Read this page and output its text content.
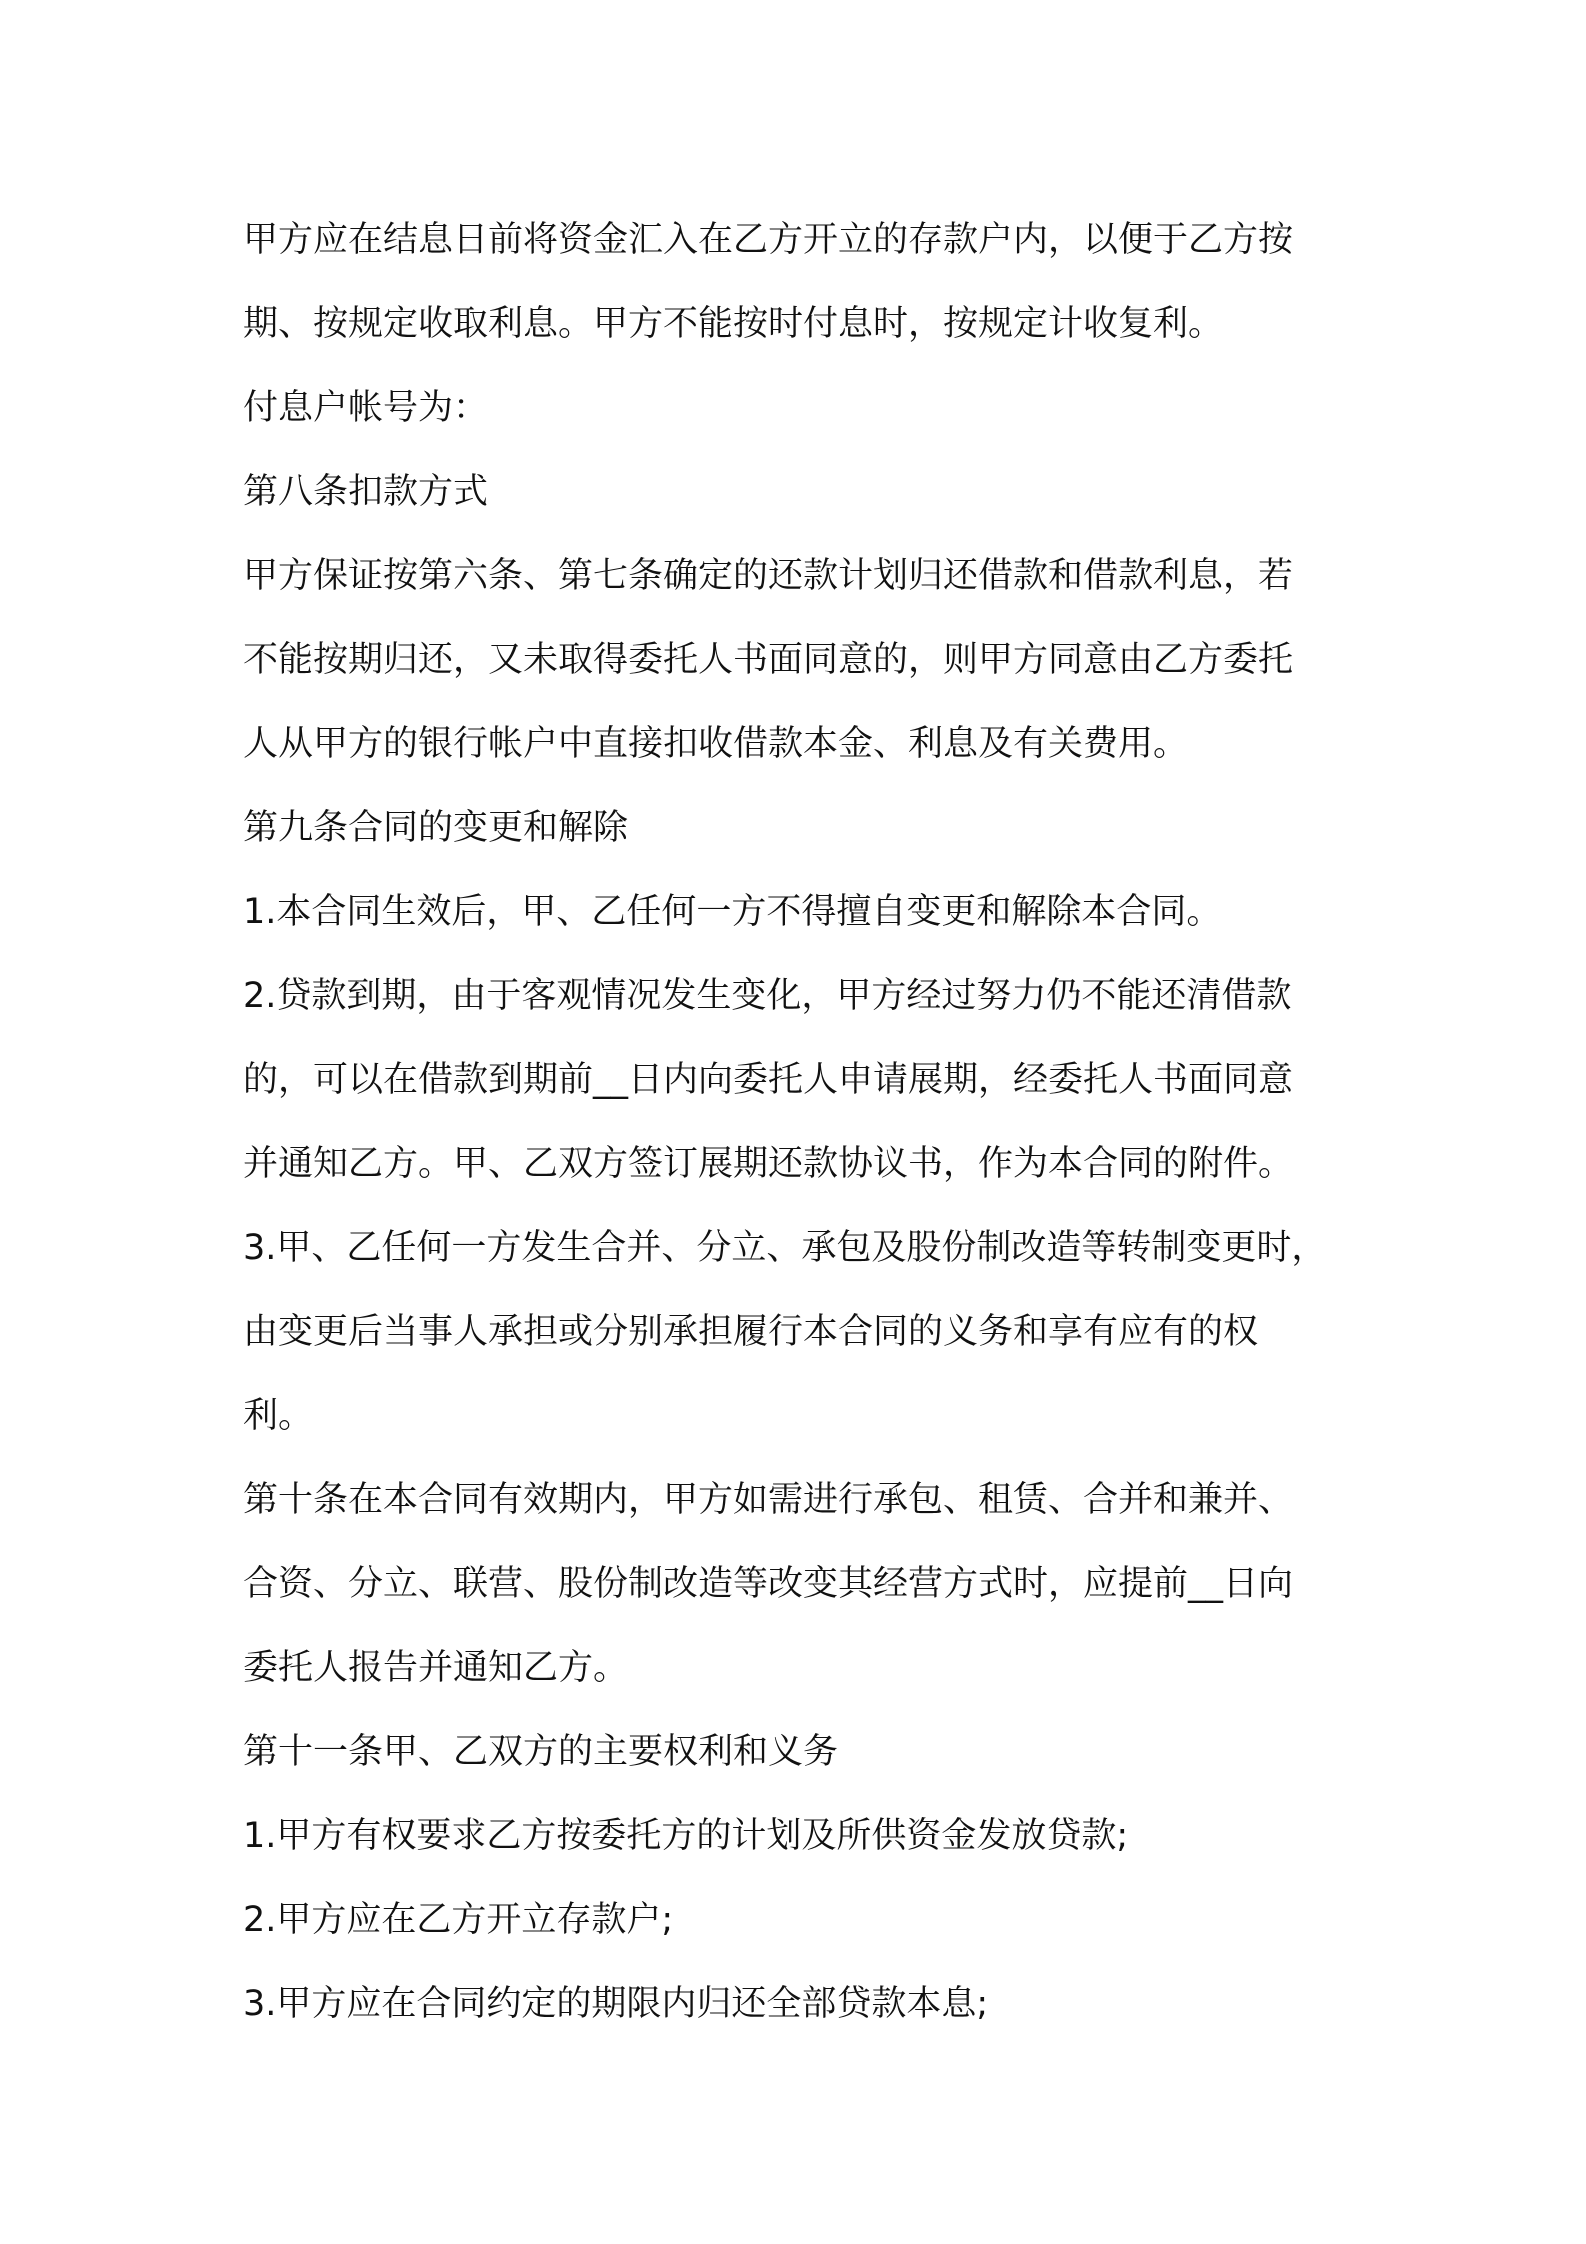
甲方应在结息日前将资金汇入在乙方开立的存款户内，以便于乙方按
期、按规定收取利息。甲方不能按时付息时，按规定计收复利。
付息户帐号为：
第八条扣款方式
甲方保证按第六条、第七条确定的还款计划归还借款和借款利息，若
不能按期归还，又未取得委托人书面同意的，则甲方同意由乙方委托
人从甲方的银行帐户中直接扣收借款本金、利息及有关费用。
第九条合同的变更和解除
1.本合同生效后，甲、乙任何一方不得擅自变更和解除本合同。
2.贷款到期，由于客观情况发生变化，甲方经过努力仍不能还清借款
的，可以在借款到期前__日内向委托人申请展期，经委托人书面同意
并通知乙方。甲、乙双方签订展期还款协议书，作为本合同的附件。
3.甲、乙任何一方发生合并、分立、承包及股份制改造等转制变更时，
由变更后当事人承担或分别承担履行本合同的义务和享有应有的权
利。
第十条在本合同有效期内，甲方如需进行承包、租赁、合并和兼并、
合资、分立、联营、股份制改造等改变其经营方式时，应提前__日向
委托人报告并通知乙方。
第十一条甲、乙双方的主要权利和义务
1.甲方有权要求乙方按委托方的计划及所供资金发放贷款;
2.甲方应在乙方开立存款户;
3.甲方应在合同约定的期限内归还全部贷款本息;
